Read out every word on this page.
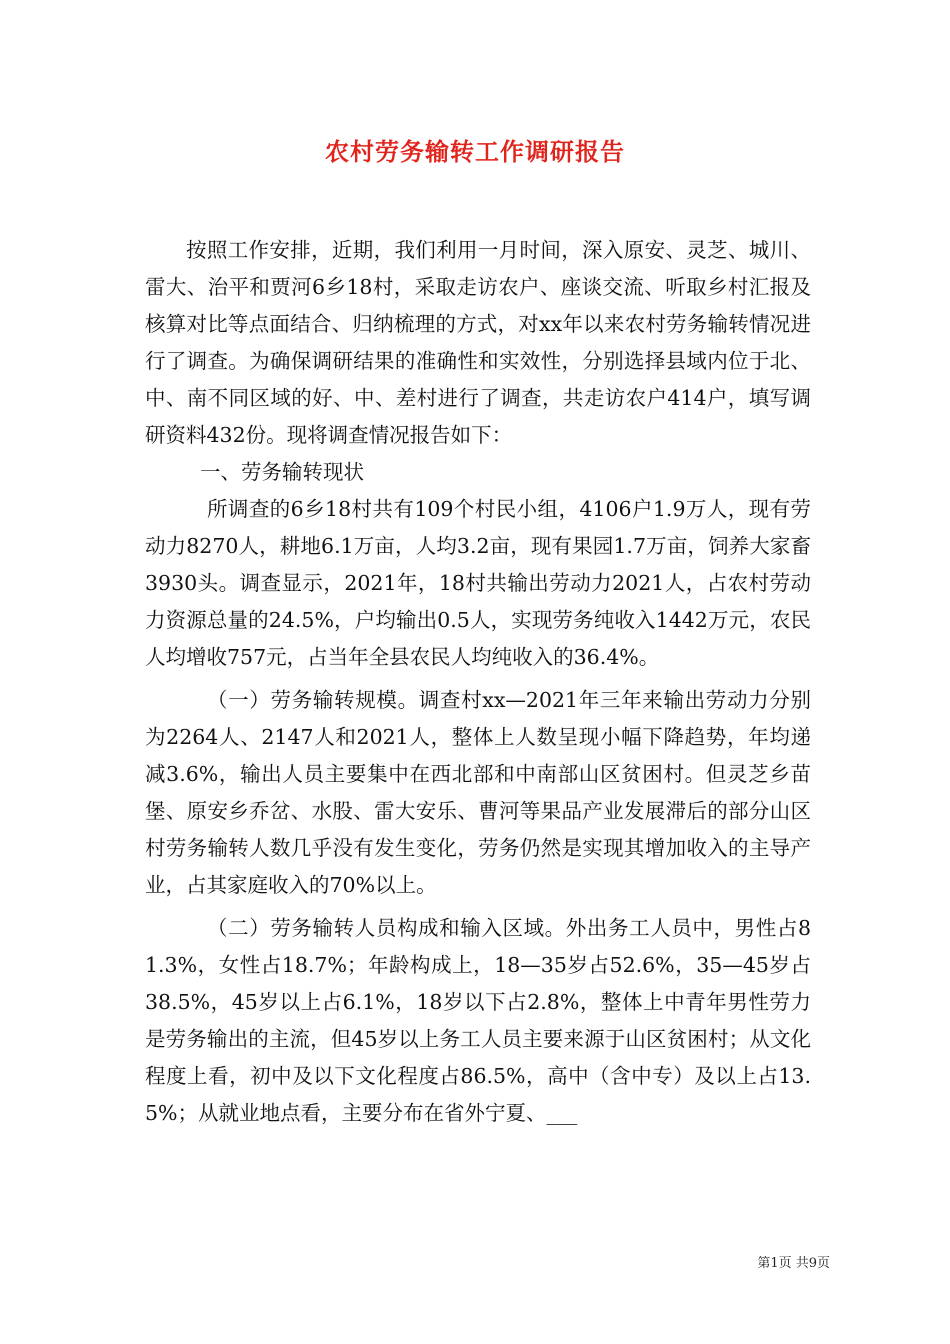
农村劳务输转工作调研报告

按照工作安排，近期，我们利用一月时间，深入原安、灵芝、城川、雷大、治平和贾河6乡18村，采取走访农户、座谈交流、听取乡村汇报及核算对比等点面结合、归纳梳理的方式，对xx年以来农村劳务输转情况进行了调查。为确保调研结果的准确性和实效性，分别选择县域内位于北、中、南不同区域的好、中、差村进行了调查，共走访农户414户，填写调研资料432份。现将调查情况报告如下：

一、劳务输转现状

所调查的6乡18村共有109个村民小组，4106户1.9万人，现有劳动力8270人，耕地6.1万亩，人均3.2亩，现有果园1.7万亩，饲养大家畜3930头。调查显示，2021年，18村共输出劳动力2021人，占农村劳动力资源总量的24.5%，户均输出0.5人，实现劳务纯收入1442万元，农民人均增收757元，占当年全县农民人均纯收入的36.4%。

（一）劳务输转规模。调查村xx—2021年三年来输出劳动力分别为2264人、2147人和2021人，整体上人数呈现小幅下降趋势，年均递减3.6%，输出人员主要集中在西北部和中南部山区贫困村。但灵芝乡苗堡、原安乡乔岔、水股、雷大安乐、曹河等果品产业发展滞后的部分山区村劳务输转人数几乎没有发生变化，劳务仍然是实现其增加收入的主导产业，占其家庭收入的70%以上。

（二）劳务输转人员构成和输入区域。外出务工人员中，男性占81.3%，女性占18.7%；年龄构成上，18—35岁占52.6%，35—45岁占38.5%，45岁以上占6.1%，18岁以下占2.8%，整体上中青年男性劳力是劳务输出的主流，但45岁以上务工人员主要来源于山区贫困村；从文化程度上看，初中及以下文化程度占86.5%，高中（含中专）及以上占13.5%；从就业地点看，主要分布在省外宁夏、___

第1页 共9页
